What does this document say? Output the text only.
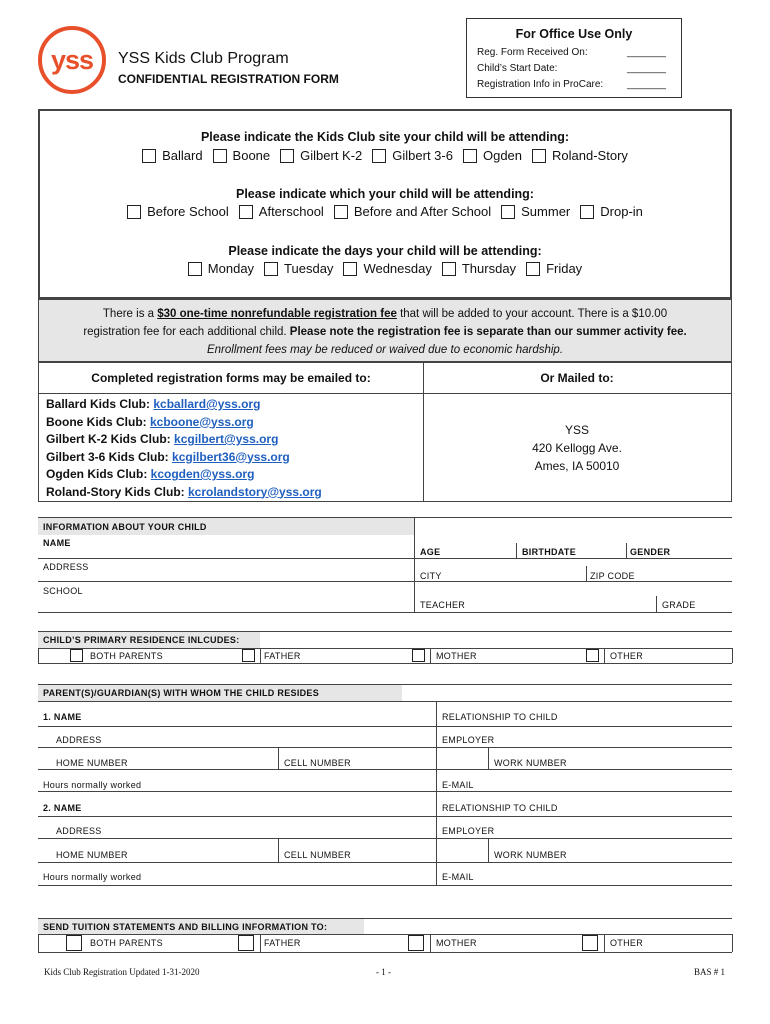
yss YSS Kids Club Program
CONFIDENTIAL REGISTRATION FORM
For Office Use Only
Reg. Form Received On:	_______
Child’s Start Date:	_______
Registration Info in ProCare: _______
Please indicate the Kids Club site your child will be attending:
Ballard Boone Gilbert K-2 Gilbert 3-6 Ogden Roland-Story
Please indicate which your child will be attending:
Before School Afterschool Before and After School Summer Drop-in
Please indicate the days your child will be attending:
Monday Tuesday Wednesday Thursday Friday
There is a $30 one-time nonrefundable registration fee that will be added to your account. There is a $10.00
registration fee for each additional child. Please note the registration fee is separate than our summer activity fee.
Enrollment fees may be reduced or waived due to economic hardship.
Completed registration forms may be emailed to:	Or Mailed to:
Ballard Kids Club: kcballard@yss.org
Boone Kids Club: kcboone@yss.org
Gilbert K-2 Kids Club: kcgilbert@yss.org
Gilbert 3-6 Kids Club: kcgilbert36@yss.org
Ogden Kids Club: kcogden@yss.org
Roland-Story Kids Club: kcrolandstory@yss.org
YSS
420 Kellogg Ave.
Ames, IA 50010
INFORMATION ABOUT YOUR CHILD
NAME
AGE	BIRTHDATE	GENDER
ADDRESS
CITY	ZIP CODE
SCHOOL
TEACHER	GRADE
CHILD’S PRIMARY RESIDENCE INLCUDES:
BOTH PARENTS	FATHER	MOTHER	OTHER
PARENT(S)/GUARDIAN(S) WITH WHOM THE CHILD RESIDES
1. NAME	RELATIONSHIP TO CHILD
ADDRESS	EMPLOYER
HOME NUMBER	CELL NUMBER	WORK NUMBER
Hours normally worked	E-MAIL
2. NAME	RELATIONSHIP TO CHILD
ADDRESS	EMPLOYER
HOME NUMBER	CELL NUMBER	WORK NUMBER
Hours normally worked	E-MAIL
SEND TUITION STATEMENTS AND BILLING INFORMATION TO:
BOTH PARENTS	FATHER	MOTHER	OTHER
Kids Club Registration Updated 1-31-2020	- 1 -	BAS # 1
